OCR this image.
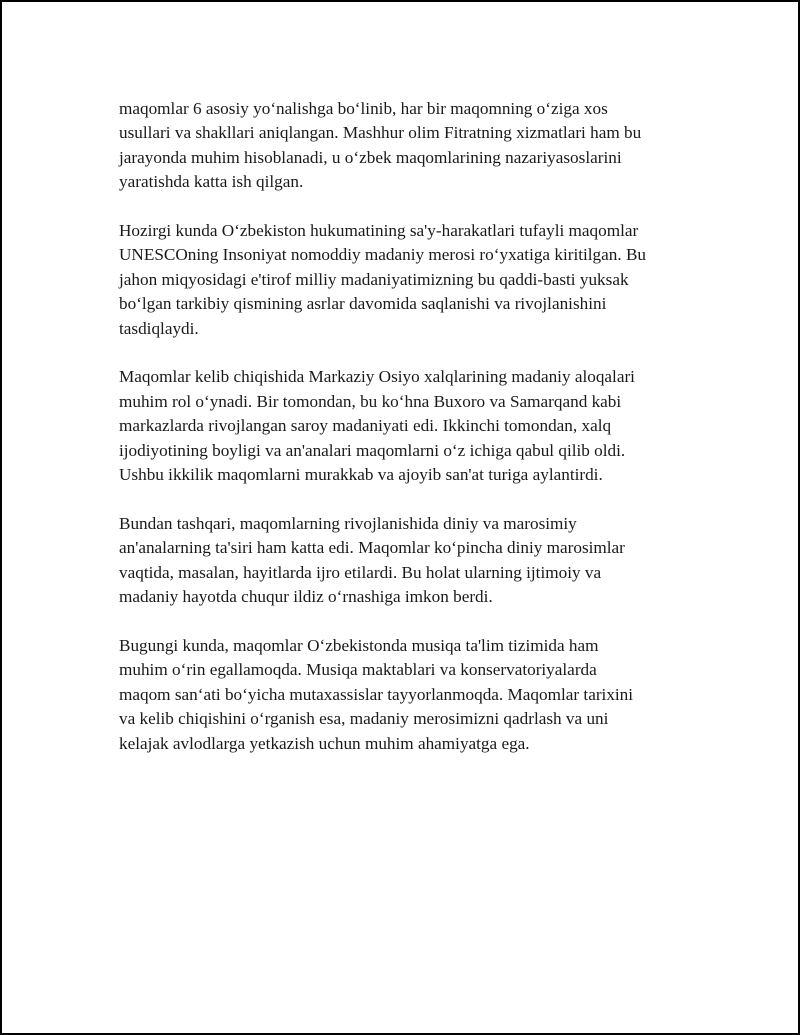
maqomlar 6 asosiy yo‘nalishga bo‘linib, har bir maqomning o‘ziga xos
usullari va shakllari aniqlangan. Mashhur olim Fitratning xizmatlari ham bu
jarayonda muhim hisoblanadi, u o‘zbek maqomlarining nazariyasoslarini
yaratishda katta ish qilgan.

Hozirgi kunda O‘zbekiston hukumatining sa'y-harakatlari tufayli maqomlar
UNESCOning Insoniyat nomoddiy madaniy merosi ro‘yxatiga kiritilgan. Bu
jahon miqyosidagi e'tirof milliy madaniyatimizning bu qaddi-basti yuksak
bo‘lgan tarkibiy qismining asrlar davomida saqlanishi va rivojlanishini
tasdiqlaydi.

Maqomlar kelib chiqishida Markaziy Osiyo xalqlarining madaniy aloqalari
muhim rol o‘ynadi. Bir tomondan, bu ko‘hna Buxoro va Samarqand kabi
markazlarda rivojlangan saroy madaniyati edi. Ikkinchi tomondan, xalq
ijodiyotining boyligi va an'analari maqomlarni o‘z ichiga qabul qilib oldi.
Ushbu ikkilik maqomlarni murakkab va ajoyib san'at turiga aylantirdi.

Bundan tashqari, maqomlarning rivojlanishida diniy va marosimiy
an'analarning ta'siri ham katta edi. Maqomlar ko‘pincha diniy marosimlar
vaqtida, masalan, hayitlarda ijro etilardi. Bu holat ularning ijtimoiy va
madaniy hayotda chuqur ildiz o‘rnashiga imkon berdi.

Bugungi kunda, maqomlar O‘zbekistonda musiqa ta'lim tizimida ham
muhim o‘rin egallamoqda. Musiqa maktablari va konservatoriyalarda
maqom san‘ati bo‘yicha mutaxassislar tayyorlanmoqda. Maqomlar tarixini
va kelib chiqishini o‘rganish esa, madaniy merosimizni qadrlash va uni
kelajak avlodlarga yetkazish uchun muhim ahamiyatga ega.
